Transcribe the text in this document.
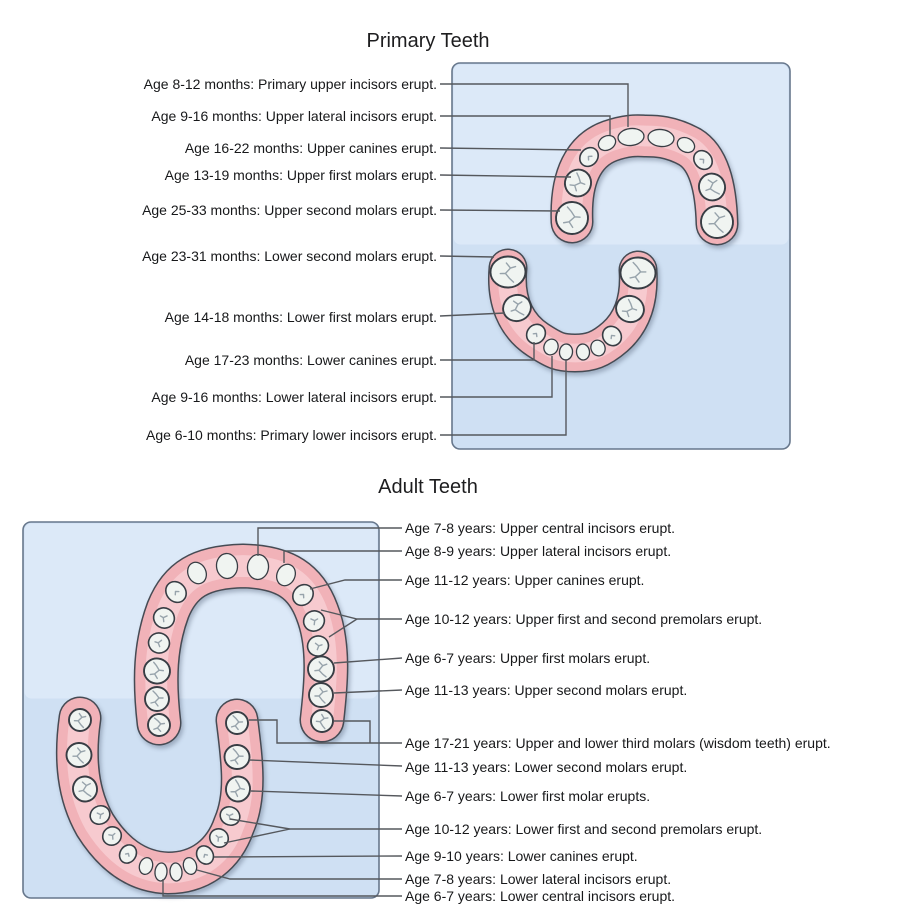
Primary Teeth
Adult Teeth
Age 8-12 months: Primary upper incisors erupt.
Age 9-16 months: Upper lateral incisors erupt.
Age 16-22 months: Upper canines erupt.
Age 13-19 months: Upper first molars erupt.
Age 25-33 months: Upper second molars erupt.
Age 23-31 months: Lower second molars erupt.
Age 14-18 months: Lower first molars erupt.
Age 17-23 months: Lower canines erupt.
Age 9-16 months: Lower lateral incisors erupt.
Age 6-10 months: Primary lower incisors erupt.
Age 7-8 years: Upper central incisors erupt.
Age 8-9 years: Upper lateral incisors erupt.
Age 11-12 years: Upper canines erupt.
Age 10-12 years: Upper first and second premolars erupt.
Age 6-7 years: Upper first molars erupt.
Age 11-13 years: Upper second molars erupt.
Age 17-21 years: Upper and lower third molars (wisdom teeth) erupt.
Age 11-13 years: Lower second molars erupt.
Age 6-7 years: Lower first molar erupts.
Age 10-12 years: Lower first and second premolars erupt.
Age 9-10 years: Lower canines erupt.
Age 7-8 years: Lower lateral incisors erupt.
Age 6-7 years: Lower central incisors erupt.
